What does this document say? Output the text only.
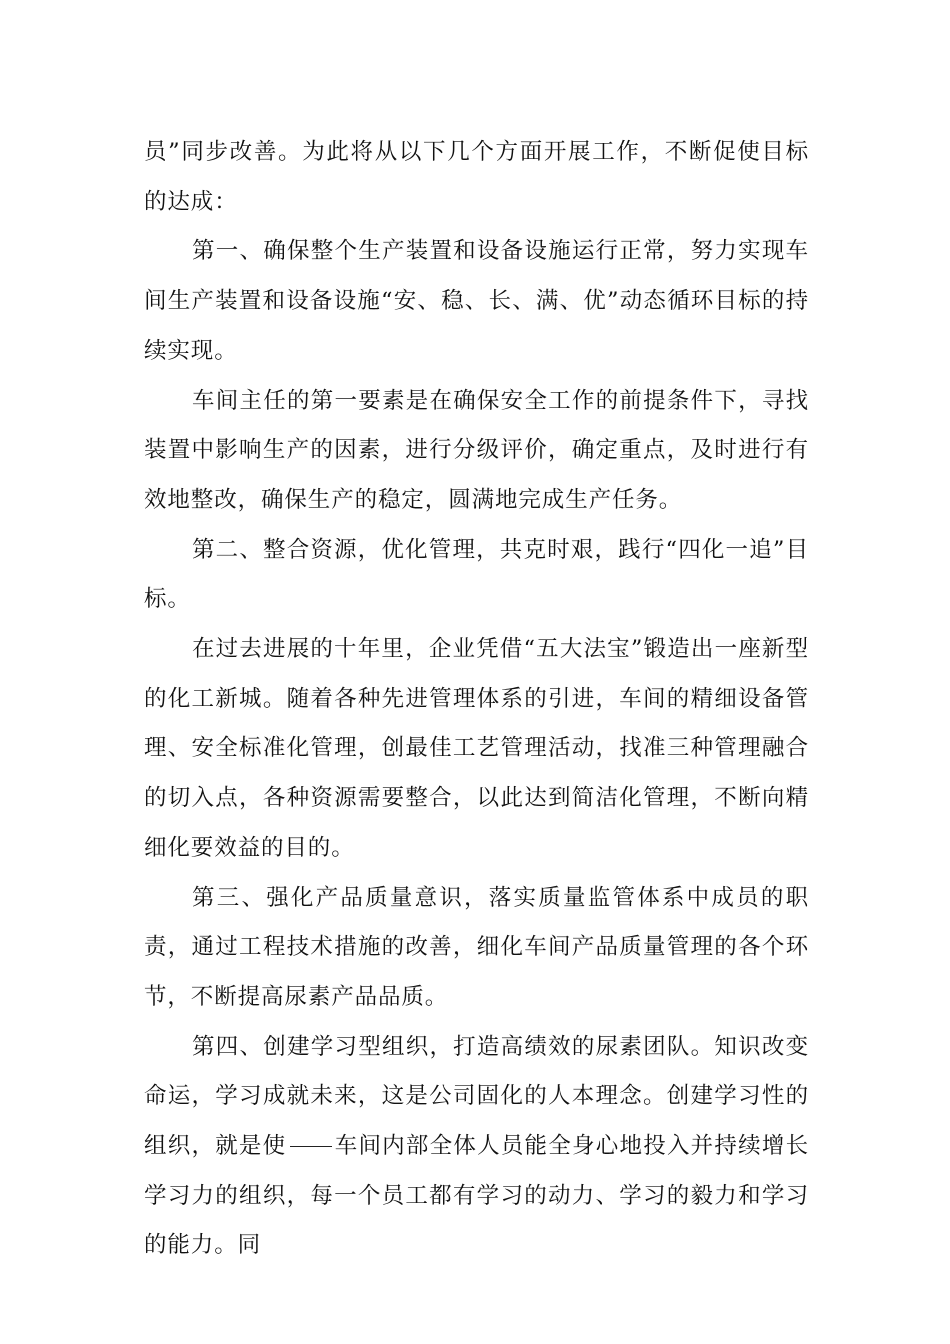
员”同步改善。为此将从以下几个方面开展工作，不断促使目标的达成：

第一、确保整个生产装置和设备设施运行正常，努力实现车间生产装置和设备设施“安、稳、长、满、优”动态循环目标的持续实现。

车间主任的第一要素是在确保安全工作的前提条件下，寻找装置中影响生产的因素，进行分级评价，确定重点，及时进行有效地整改，确保生产的稳定，圆满地完成生产任务。

第二、整合资源，优化管理，共克时艰，践行“四化一追”目标。

在过去进展的十年里，企业凭借“五大法宝”锻造出一座新型的化工新城。随着各种先进管理体系的引进，车间的精细设备管理、安全标准化管理，创最佳工艺管理活动，找准三种管理融合的切入点，各种资源需要整合，以此达到简洁化管理，不断向精细化要效益的目的。

第三、强化产品质量意识，落实质量监管体系中成员的职责，通过工程技术措施的改善，细化车间产品质量管理的各个环节，不断提高尿素产品品质。

第四、创建学习型组织，打造高绩效的尿素团队。知识改变命运，学习成就未来，这是公司固化的人本理念。创建学习性的组织，就是使 车间内部全体人员能全身心地投入并持续增长学习力的组织，每一个员工都有学习的动力、学习的毅力和学习的能力。同
